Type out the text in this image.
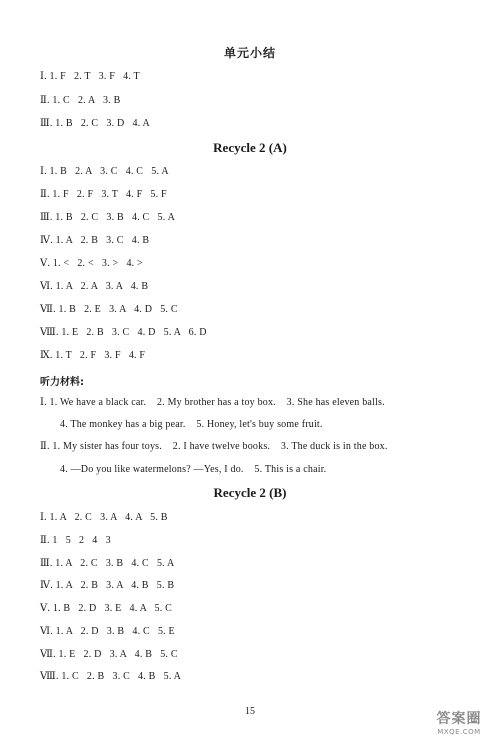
单元小结
Ⅰ. 1. F   2. T   3. F   4. T
Ⅱ. 1. C   2. A   3. B
Ⅲ. 1. B   2. C   3. D   4. A
Recycle 2 (A)
Ⅰ. 1. B   2. A   3. C   4. C   5. A
Ⅱ. 1. F   2. F   3. T   4. F   5. F
Ⅲ. 1. B   2. C   3. B   4. C   5. A
Ⅳ. 1. A   2. B   3. C   4. B
Ⅴ. 1. <   2. <   3. >   4. >
Ⅵ. 1. A   2. A   3. A   4. B
Ⅶ. 1. B   2. E   3. A   4. D   5. C
Ⅷ. 1. E   2. B   3. C   4. D   5. A   6. D
Ⅸ. 1. T   2. F   3. F   4. F
听力材料:
Ⅰ. 1. We have a black car.    2. My brother has a toy box.    3. She has eleven balls.
4. The monkey has a big pear.    5. Honey, let's buy some fruit.
Ⅱ. 1. My sister has four toys.    2. I have twelve books.    3. The duck is in the box.
4. —Do you like watermelons? —Yes, I do.    5. This is a chair.
Recycle 2 (B)
Ⅰ. 1. A   2. C   3. A   4. A   5. B
Ⅱ. 1   5   2   4   3
Ⅲ. 1. A   2. C   3. B   4. C   5. A
Ⅳ. 1. A   2. B   3. A   4. B   5. B
Ⅴ. 1. B   2. D   3. E   4. A   5. C
Ⅵ. 1. A   2. D   3. B   4. C   5. E
Ⅶ. 1. E   2. D   3. A   4. B   5. C
Ⅷ. 1. C   2. B   3. C   4. B   5. A
15	答案圈
MXQE.COM
